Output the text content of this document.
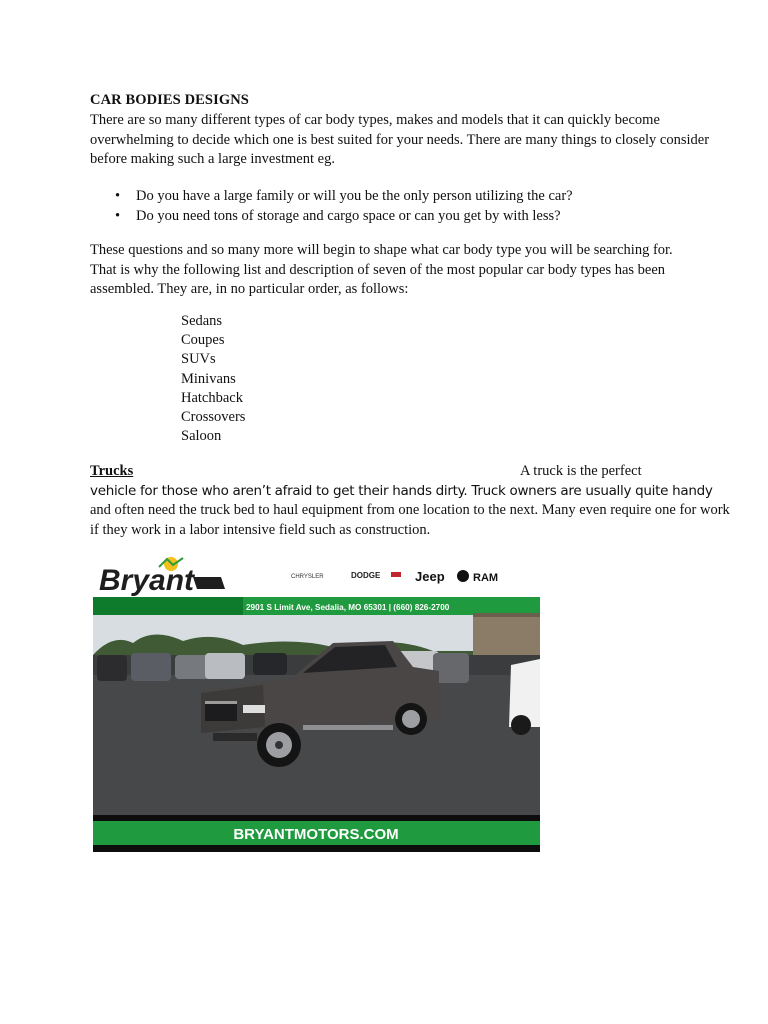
CAR BODIES DESIGNS

There are so many different types of car body types, makes and models that it can quickly become overwhelming to decide which one is best suited for your needs. There are many things to closely consider before making such a large investment eg.

• Do you have a large family or will you be the only person utilizing the car?
• Do you need tons of storage and cargo space or can you get by with less?

These questions and so many more will begin to shape what car body type you will be searching for. That is why the following list and description of seven of the most popular car body types has been assembled. They are, in no particular order, as follows:

Sedans
Coupes
SUVs
Minivans
Hatchback
Crossovers
Saloon
Trucks	A truck is the perfect
vehicle for those who aren’t afraid to get their hands dirty. Truck owners are usually quite handy

and often need the truck bed to haul equipment from one location to the next. Many even require one for work if they work in a labor intensive field such as construction.

Bryant	CHRYSLER	DODGE	Jeep	RAM
2901 S Limit Ave, Sedalia, MO 65301 | (660) 826-2700
BRYANTMOTORS.COM
